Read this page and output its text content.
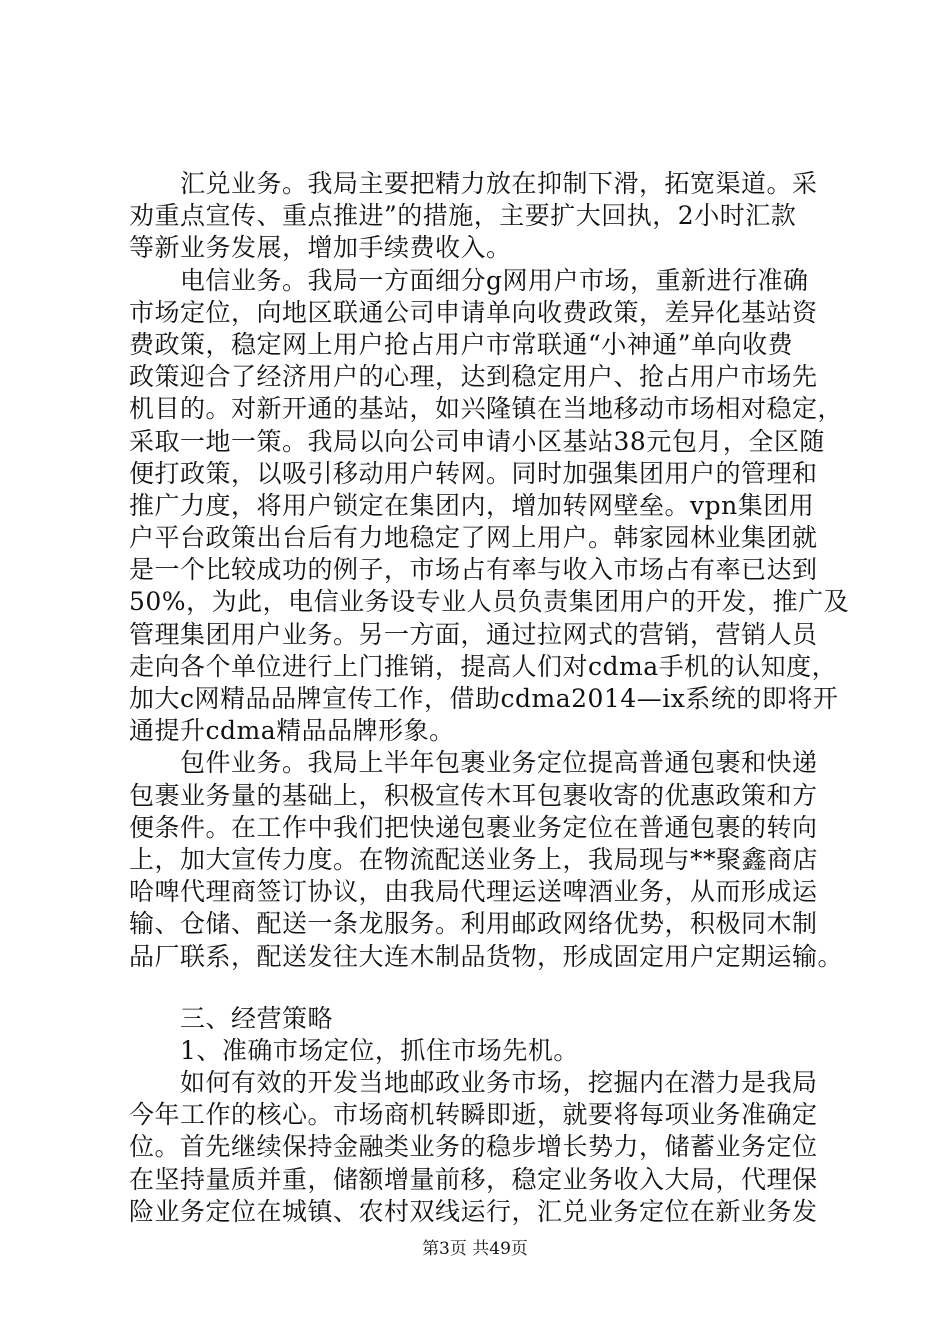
　　汇兑业务。我局主要把精力放在抑制下滑，拓宽渠道。采
劝重点宣传、重点推进”的措施，主要扩大回执，2小时汇款
等新业务发展，增加手续费收入。
　　电信业务。我局一方面细分g网用户市场，重新进行准确
市场定位，向地区联通公司申请单向收费政策，差异化基站资
费政策，稳定网上用户抢占用户市常联通“小神通”单向收费
政策迎合了经济用户的心理，达到稳定用户、抢占用户市场先
机目的。对新开通的基站，如兴隆镇在当地移动市场相对稳定，
采取一地一策。我局以向公司申请小区基站38元包月，全区随
便打政策，以吸引移动用户转网。同时加强集团用户的管理和
推广力度，将用户锁定在集团内，增加转网壁垒。vpn集团用
户平台政策出台后有力地稳定了网上用户。韩家园林业集团就
是一个比较成功的例子，市场占有率与收入市场占有率已达到
50%，为此，电信业务设专业人员负责集团用户的开发，推广及
管理集团用户业务。另一方面，通过拉网式的营销，营销人员
走向各个单位进行上门推销，提高人们对cdma手机的认知度，
加大c网精品品牌宣传工作，借助cdma2014—ix系统的即将开
通提升cdma精品品牌形象。
　　包件业务。我局上半年包裹业务定位提高普通包裹和快递
包裹业务量的基础上，积极宣传木耳包裹收寄的优惠政策和方
便条件。在工作中我们把快递包裹业务定位在普通包裹的转向
上，加大宣传力度。在物流配送业务上，我局现与**聚鑫商店
哈啤代理商签订协议，由我局代理运送啤酒业务，从而形成运
输、仓储、配送一条龙服务。利用邮政网络优势，积极同木制
品厂联系，配送发往大连木制品货物，形成固定用户定期运输。
　　三、经营策略
　　1、准确市场定位，抓住市场先机。
　　如何有效的开发当地邮政业务市场，挖掘内在潜力是我局
今年工作的核心。市场商机转瞬即逝，就要将每项业务准确定
位。首先继续保持金融类业务的稳步增长势力，储蓄业务定位
在坚持量质并重，储额增量前移，稳定业务收入大局，代理保
险业务定位在城镇、农村双线运行，汇兑业务定位在新业务发
第3页 共49页
